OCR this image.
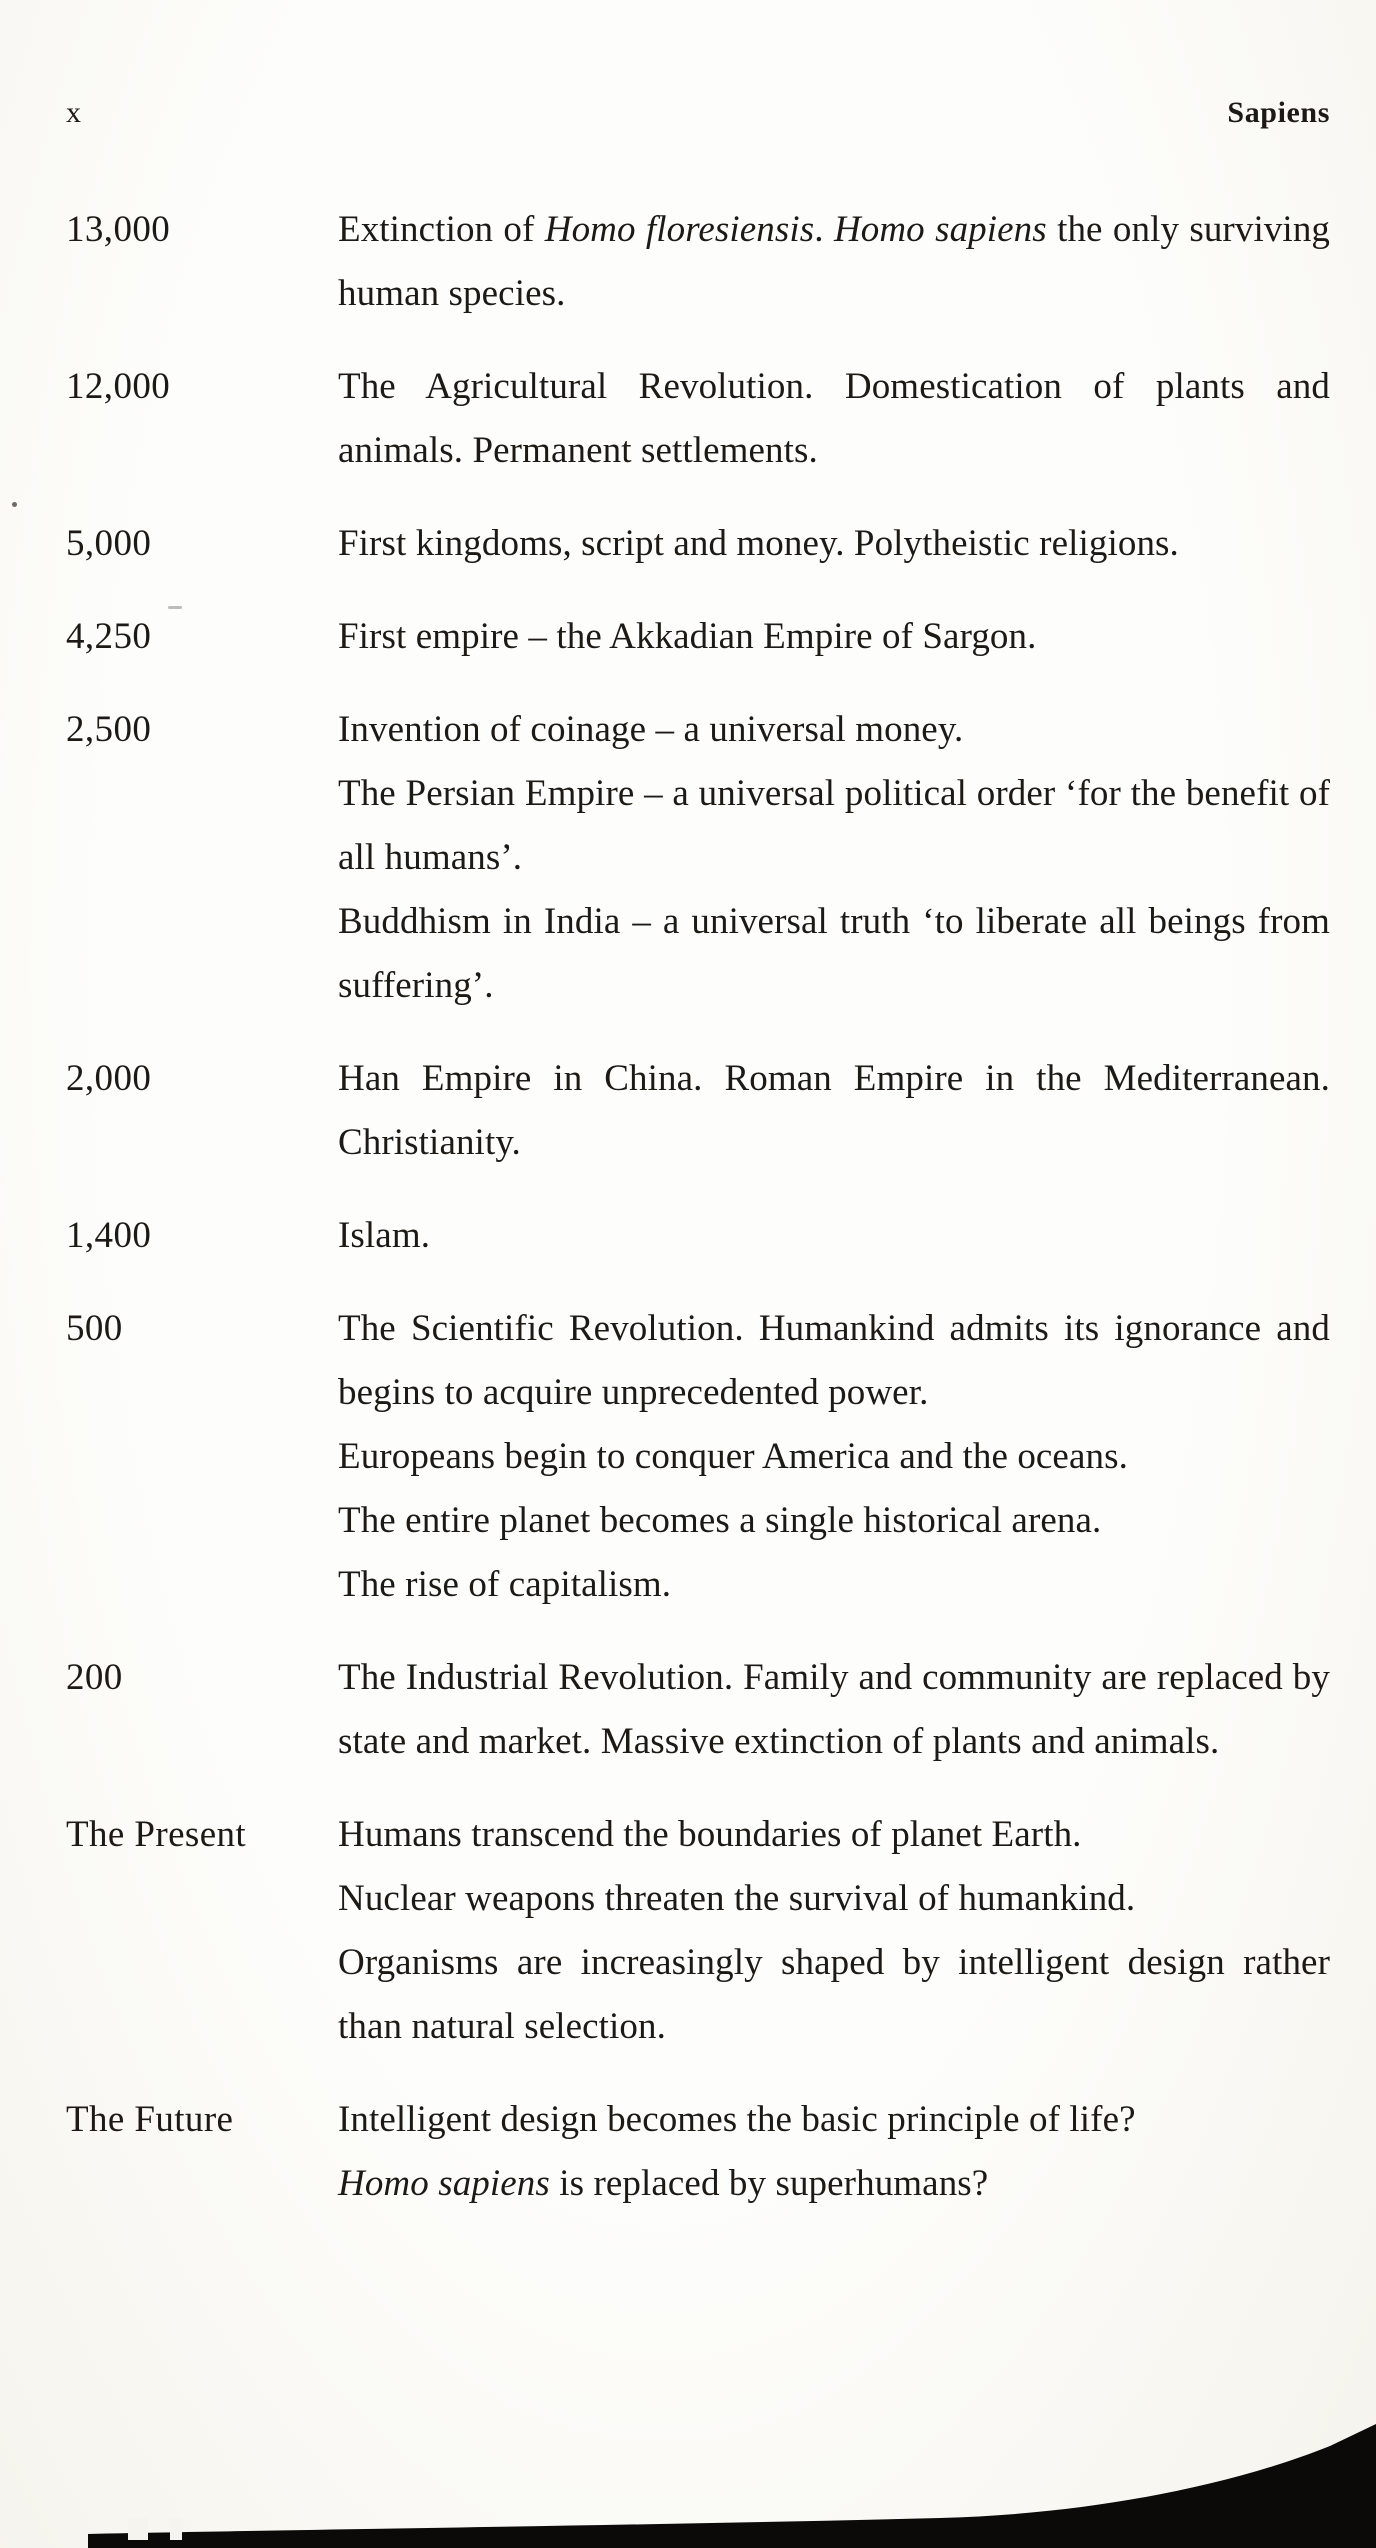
x	Sapiens
13,000	Extinction of Homo floresiensis. Homo sapiens the only surviving human species.

12,000	The Agricultural Revolution. Domestication of plants and animals. Permanent settlements.

5,000	First kingdoms, script and money. Polytheistic religions.

4,250	First empire – the Akkadian Empire of Sargon.

2,500	Invention of coinage – a universal money.

The Persian Empire – a universal political order ‘for the benefit of all humans’.

Buddhism in India – a universal truth ‘to liberate all beings from suffering’.

2,000	Han Empire in China. Roman Empire in the Mediterranean. Christianity.

1,400	Islam.

500	The Scientific Revolution. Humankind admits its ignorance and begins to acquire unprecedented power.

Europeans begin to conquer America and the oceans.

The entire planet becomes a single historical arena.

The rise of capitalism.

200	The Industrial Revolution. Family and community are replaced by state and market. Massive extinction of plants and animals.

The Present	Humans transcend the boundaries of planet Earth.

Nuclear weapons threaten the survival of humankind.

Organisms are increasingly shaped by intelligent design rather than natural selection.

The Future	Intelligent design becomes the basic principle of life?

Homo sapiens is replaced by superhumans?
